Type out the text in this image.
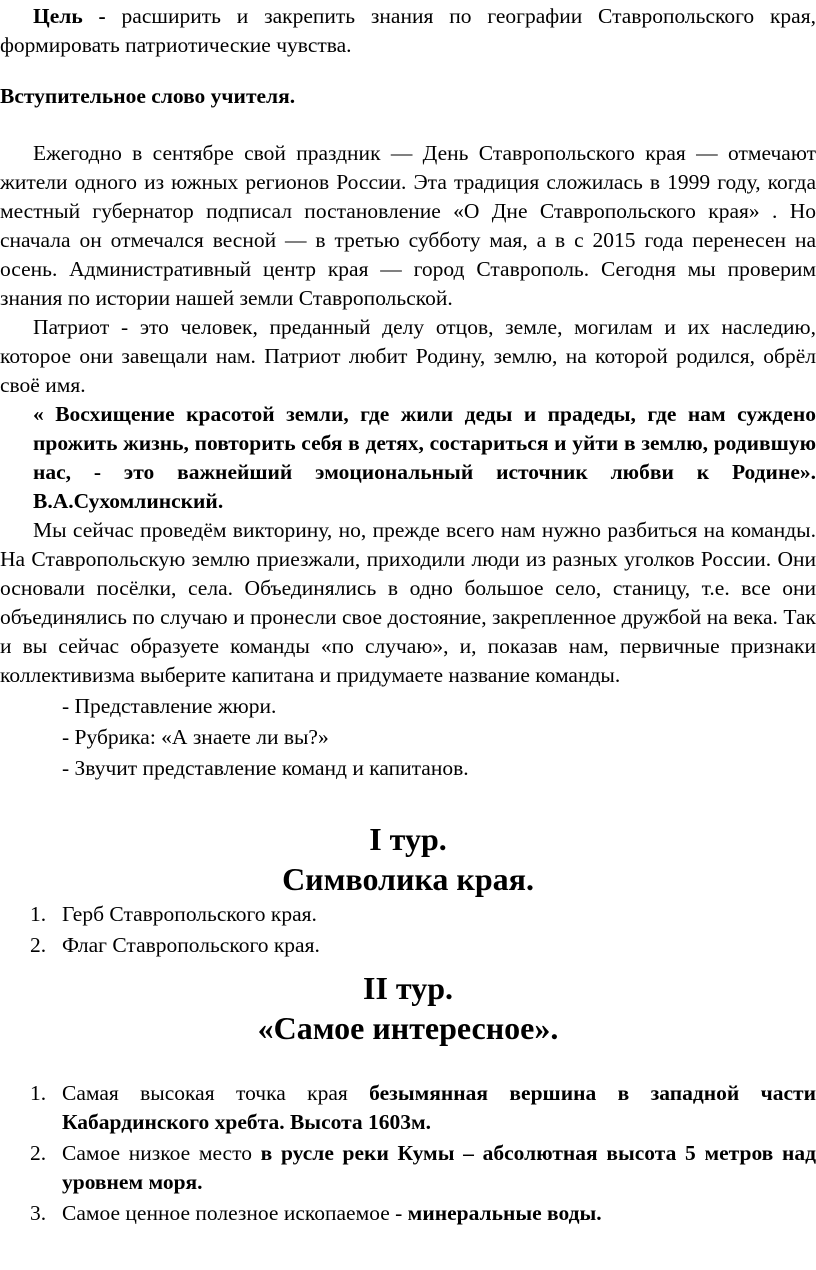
Цель - расширить и закрепить знания по географии Ставропольского края, формировать патриотические чувства.

Вступительное слово учителя.

Ежегодно в сентябре свой праздник — День Ставропольского края — отмечают жители одного из южных регионов России. Эта традиция сложилась в 1999 году, когда местный губернатор подписал постановление «О Дне Ставропольского края» . Но сначала он отмечался весной — в третью субботу мая, а в с 2015 года перенесен на осень. Административный центр края — город Ставрополь. Сегодня мы проверим знания по истории нашей земли Ставропольской.

Патриот - это человек, преданный делу отцов, земле, могилам и их наследию, которое они завещали нам. Патриот любит Родину, землю, на которой родился, обрёл своё имя.

« Восхищение красотой земли, где жили деды и прадеды, где нам суждено прожить жизнь, повторить себя в детях, состариться и уйти в землю, родившую нас, - это важнейший эмоциональный источник любви к Родине». В.А.Сухомлинский.

Мы сейчас проведём викторину, но, прежде всего нам нужно разбиться на команды. На Ставропольскую землю приезжали, приходили люди из разных уголков России. Они основали посёлки, села. Объединялись в одно большое село, станицу, т.е. все они объединялись по случаю и пронесли свое достояние, закрепленное дружбой на века. Так и вы сейчас образуете команды «по случаю», и, показав нам, первичные признаки коллективизма выберите капитана и придумаете название команды.

- Представление жюри.

- Рубрика: «А знаете ли вы?»

- Звучит представление команд и капитанов.

I тур.

Символика края.

1. Герб Ставропольского края.
2. Флаг Ставропольского края.

II тур.

«Самое интересное».

1. Самая высокая точка края безымянная вершина в западной части Кабардинского хребта. Высота 1603м.
2. Самое низкое место в русле реки Кумы – абсолютная высота 5 метров над уровнем моря.
3. Самое ценное полезное ископаемое - минеральные воды.
